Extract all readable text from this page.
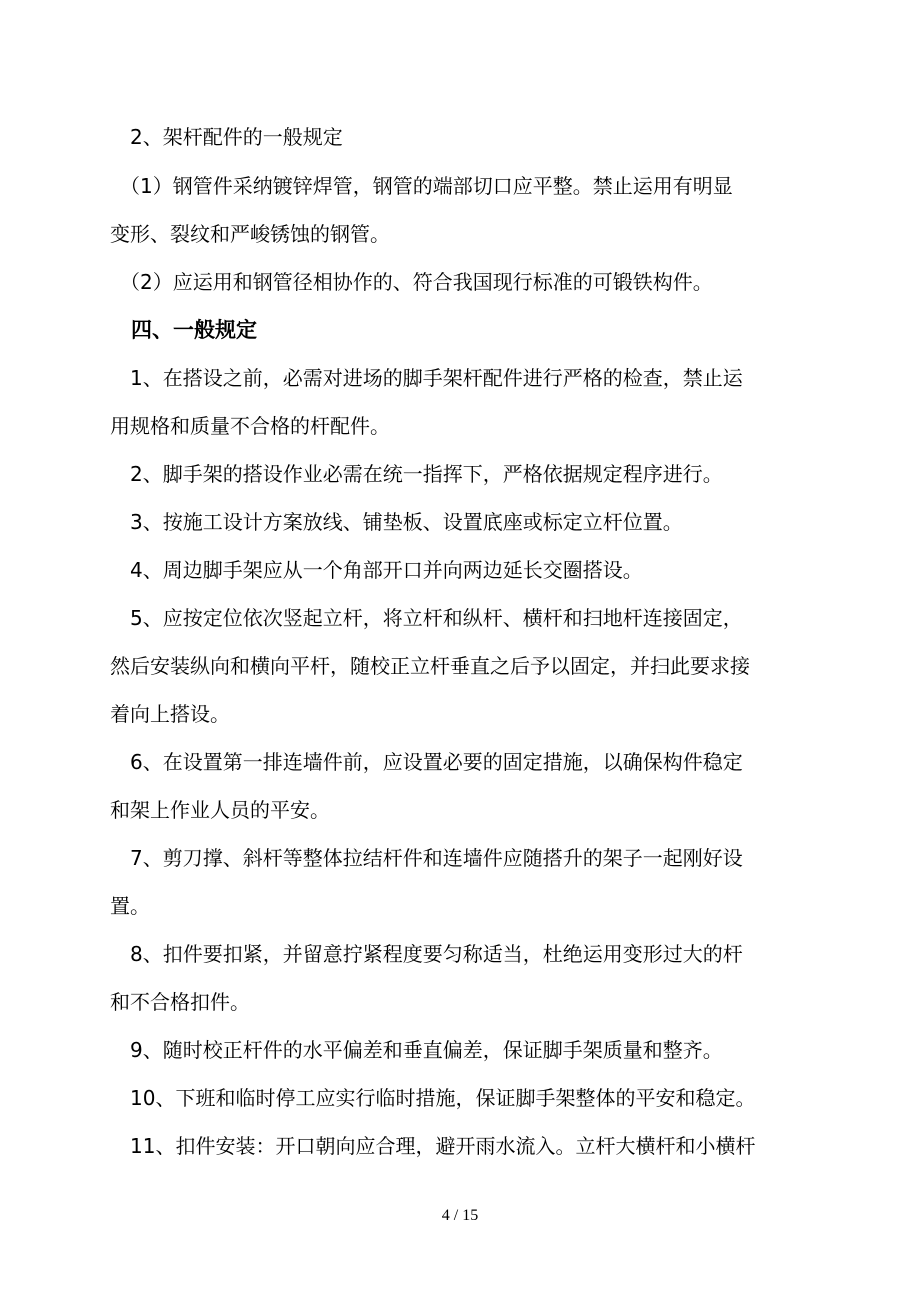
　2、架杆配件的一般规定
　（1）钢管件采纳镀锌焊管，钢管的端部切口应平整。禁止运用有明显
变形、裂纹和严峻锈蚀的钢管。
　（2）应运用和钢管径相协作的、符合我国现行标准的可锻铁构件。
　四、一般规定
　1、在搭设之前，必需对进场的脚手架杆配件进行严格的检查，禁止运
用规格和质量不合格的杆配件。
　2、脚手架的搭设作业必需在统一指挥下，严格依据规定程序进行。
　3、按施工设计方案放线、铺垫板、设置底座或标定立杆位置。
　4、周边脚手架应从一个角部开口并向两边延长交圈搭设。
　5、应按定位依次竖起立杆，将立杆和纵杆、横杆和扫地杆连接固定，
然后安装纵向和横向平杆，随校正立杆垂直之后予以固定，并扫此要求接
着向上搭设。
　6、在设置第一排连墙件前，应设置必要的固定措施，以确保构件稳定
和架上作业人员的平安。
　7、剪刀撑、斜杆等整体拉结杆件和连墙件应随搭升的架子一起刚好设
置。
　8、扣件要扣紧，并留意拧紧程度要匀称适当，杜绝运用变形过大的杆
和不合格扣件。
　9、随时校正杆件的水平偏差和垂直偏差，保证脚手架质量和整齐。
　10、下班和临时停工应实行临时措施，保证脚手架整体的平安和稳定。
　11、扣件安装：开口朝向应合理，避开雨水流入。立杆大横杆和小横杆
4 / 15
